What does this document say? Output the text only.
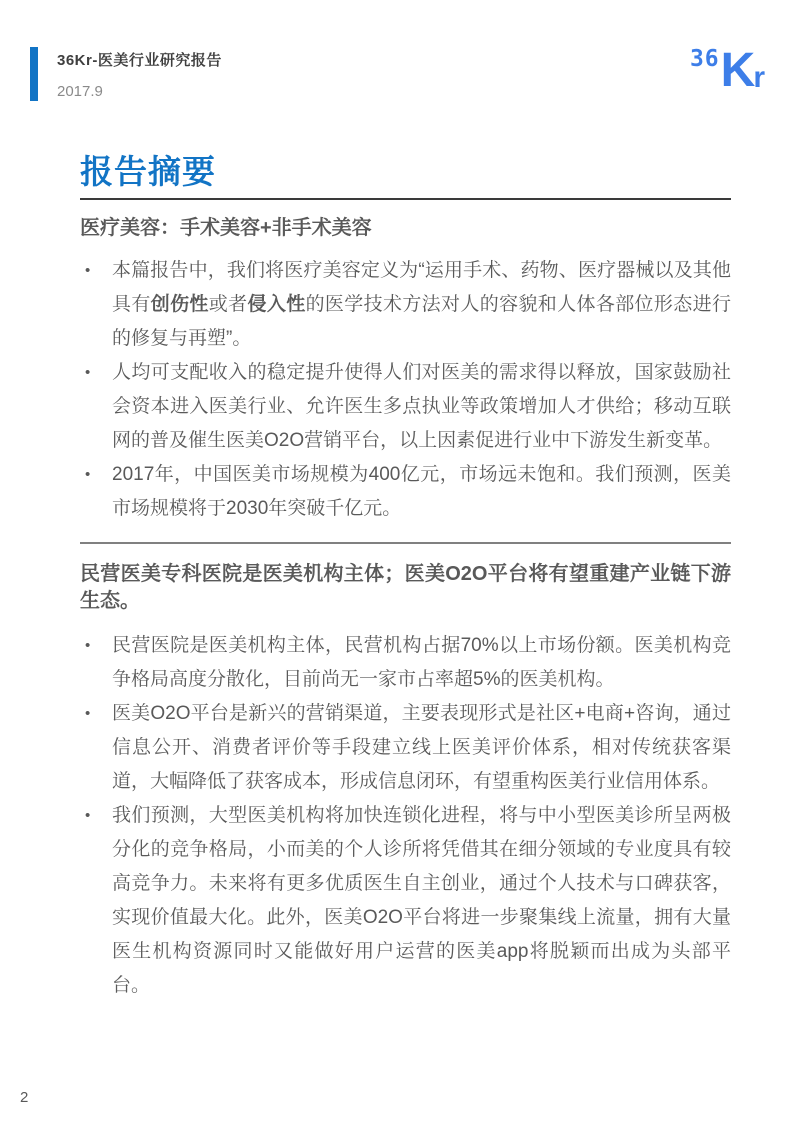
36Kr-医美行业研究报告
2017.9
36 K
r
报告摘要
医疗美容：手术美容+非手术美容
• 本篇报告中，我们将医疗美容定义为“运用手术、药物、医疗器械以及其他具有创伤性或者侵入性的医学技术方法对人的容貌和人体各部位形态进行的修复与再塑”。
• 人均可支配收入的稳定提升使得人们对医美的需求得以释放，国家鼓励社会资本进入医美行业、允许医生多点执业等政策增加人才供给；移动互联网的普及催生医美O2O营销平台，以上因素促进行业中下游发生新变革。
• 2017年，中国医美市场规模为400亿元，市场远未饱和。我们预测，医美市场规模将于2030年突破千亿元。
民营医美专科医院是医美机构主体；医美O2O平台将有望重建产业链下游生态。
• 民营医院是医美机构主体，民营机构占据70%以上市场份额。医美机构竞争格局高度分散化，目前尚无一家市占率超5%的医美机构。
• 医美O2O平台是新兴的营销渠道，主要表现形式是社区+电商+咨询，通过信息公开、消费者评价等手段建立线上医美评价体系，相对传统获客渠道，大幅降低了获客成本，形成信息闭环，有望重构医美行业信用体系。
• 我们预测，大型医美机构将加快连锁化进程，将与中小型医美诊所呈两极分化的竞争格局，小而美的个人诊所将凭借其在细分领域的专业度具有较高竞争力。未来将有更多优质医生自主创业，通过个人技术与口碑获客，实现价值最大化。此外，医美O2O平台将进一步聚集线上流量，拥有大量医生机构资源同时又能做好用户运营的医美app将脱颖而出成为头部平台。
2
